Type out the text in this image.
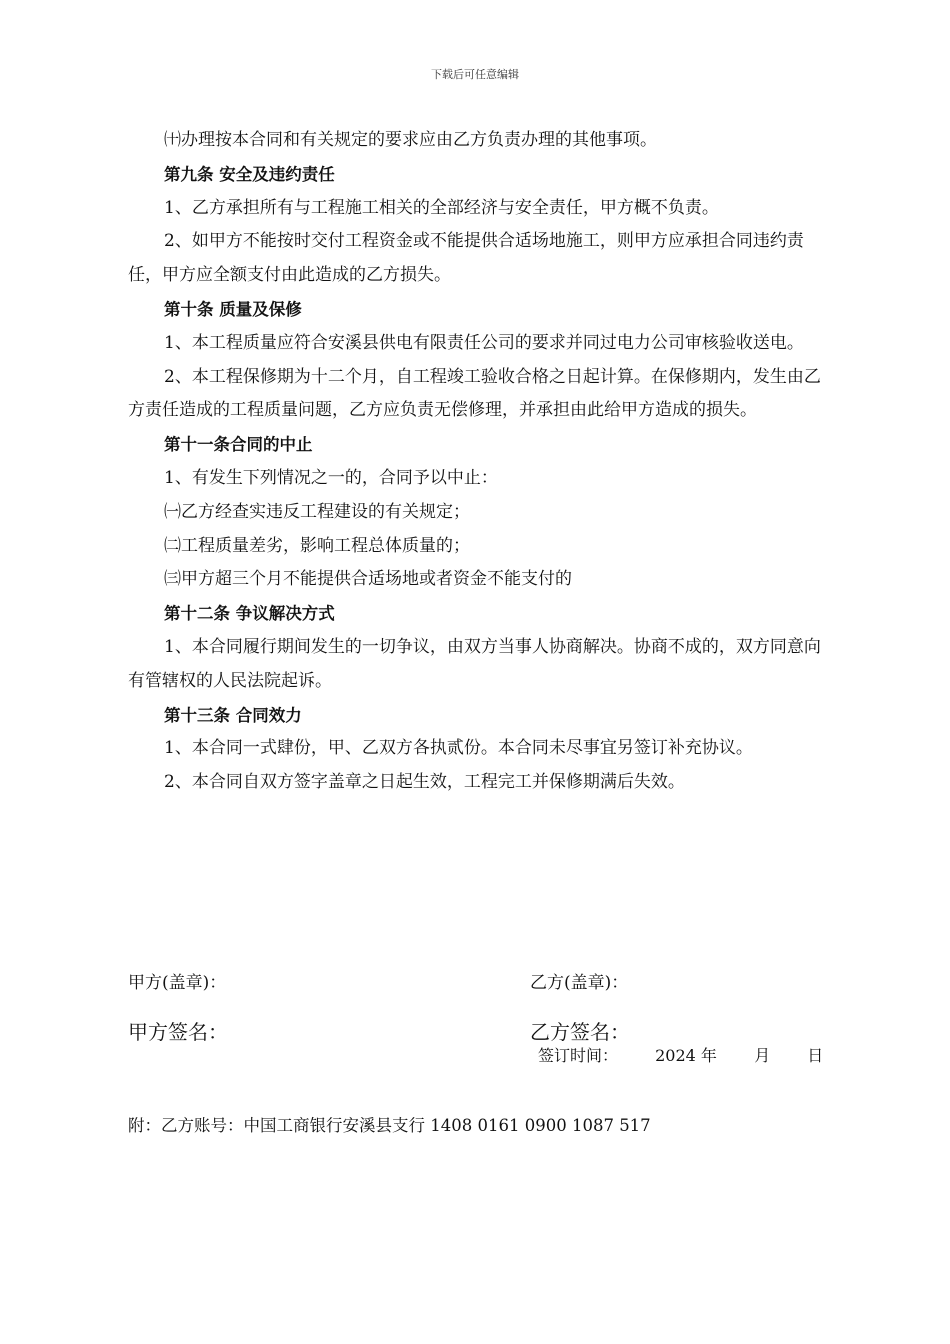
下载后可任意编辑

㈩办理按本合同和有关规定的要求应由乙方负责办理的其他事项。

第九条 安全及违约责任

1、乙方承担所有与工程施工相关的全部经济与安全责任，甲方概不负责。

2、如甲方不能按时交付工程资金或不能提供合适场地施工，则甲方应承担合同违约责任，甲方应全额支付由此造成的乙方损失。

第十条 质量及保修

1、本工程质量应符合安溪县供电有限责任公司的要求并同过电力公司审核验收送电。

2、本工程保修期为十二个月，自工程竣工验收合格之日起计算。在保修期内，发生由乙方责任造成的工程质量问题，乙方应负责无偿修理，并承担由此给甲方造成的损失。

第十一条合同的中止

1、有发生下列情况之一的，合同予以中止：

㈠乙方经查实违反工程建设的有关规定；

㈡工程质量差劣，影响工程总体质量的；

㈢甲方超三个月不能提供合适场地或者资金不能支付的

第十二条 争议解决方式

1、本合同履行期间发生的一切争议，由双方当事人协商解决。协商不成的，双方同意向有管辖权的人民法院起诉。

第十三条 合同效力

1、本合同一式肆份，甲、乙双方各执贰份。本合同未尽事宜另签订补充协议。

2、本合同自双方签字盖章之日起生效，工程完工并保修期满后失效。

甲方(盖章)：	乙方(盖章)：
甲方签名：	乙方签名：
签订时间： 2024 年 月 日
附：乙方账号：中国工商银行安溪县支行 1408 0161 0900 1087 517
